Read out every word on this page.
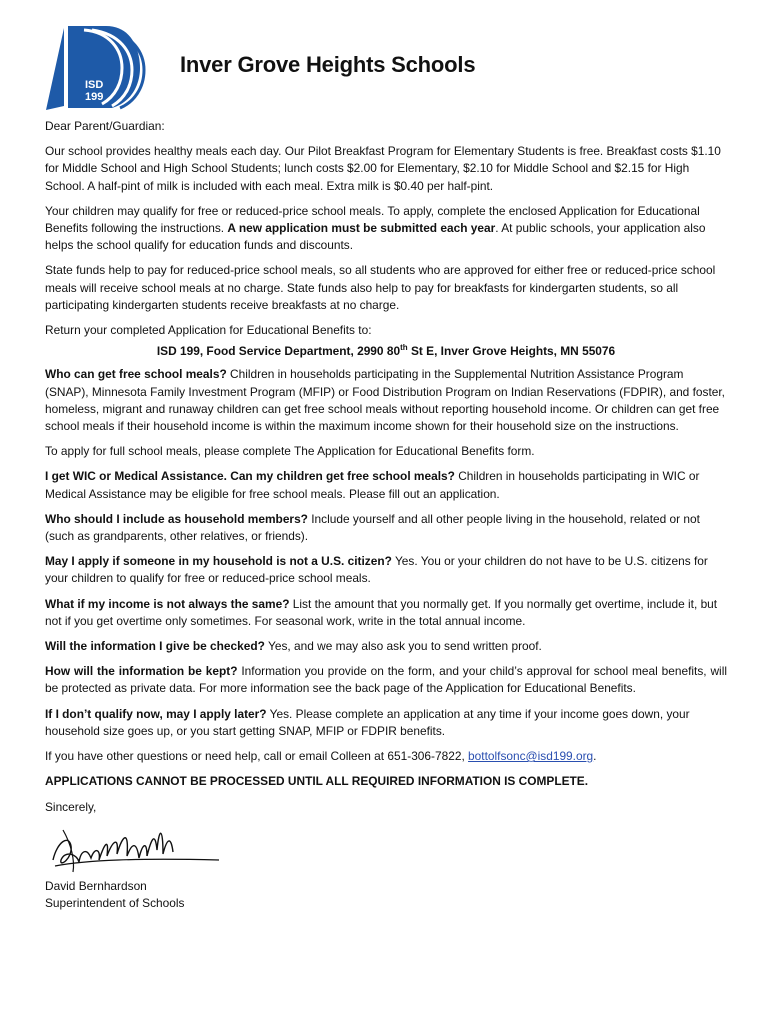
ISD
199
Inver Grove Heights Schools

Dear Parent/Guardian:

Our school provides healthy meals each day. Our Pilot Breakfast Program for Elementary Students is free. Breakfast costs $1.10 for Middle School and High School Students; lunch costs $2.00 for Elementary, $2.10 for Middle School and $2.15 for High School. A half-pint of milk is included with each meal. Extra milk is $0.40 per half-pint.

Your children may qualify for free or reduced-price school meals. To apply, complete the enclosed Application for Educational Benefits following the instructions. A new application must be submitted each year. At public schools, your application also helps the school qualify for education funds and discounts.

State funds help to pay for reduced-price school meals, so all students who are approved for either free or reduced-price school meals will receive school meals at no charge. State funds also help to pay for breakfasts for kindergarten students, so all participating kindergarten students receive breakfasts at no charge.

Return your completed Application for Educational Benefits to:

ISD 199, Food Service Department, 2990 80th St E, Inver Grove Heights, MN 55076

Who can get free school meals? Children in households participating in the Supplemental Nutrition Assistance Program (SNAP), Minnesota Family Investment Program (MFIP) or Food Distribution Program on Indian Reservations (FDPIR), and foster, homeless, migrant and runaway children can get free school meals without reporting household income. Or children can get free school meals if their household income is within the maximum income shown for their household size on the instructions.

To apply for full school meals, please complete The Application for Educational Benefits form.

I get WIC or Medical Assistance. Can my children get free school meals? Children in households participating in WIC or Medical Assistance may be eligible for free school meals. Please fill out an application.

Who should I include as household members? Include yourself and all other people living in the household, related or not (such as grandparents, other relatives, or friends).

May I apply if someone in my household is not a U.S. citizen? Yes. You or your children do not have to be U.S. citizens for your children to qualify for free or reduced-price school meals.

What if my income is not always the same? List the amount that you normally get. If you normally get overtime, include it, but not if you get overtime only sometimes. For seasonal work, write in the total annual income.

Will the information I give be checked? Yes, and we may also ask you to send written proof.

How will the information be kept? Information you provide on the form, and your child’s approval for school meal benefits, will be protected as private data. For more information see the back page of the Application for Educational Benefits.

If I don’t qualify now, may I apply later? Yes. Please complete an application at any time if your income goes down, your household size goes up, or you start getting SNAP, MFIP or FDPIR benefits.

If you have other questions or need help, call or email Colleen at 651-306-7822, bottolfsonc@isd199.org.

APPLICATIONS CANNOT BE PROCESSED UNTIL ALL REQUIRED INFORMATION IS COMPLETE.

Sincerely,

David Bernhardson

Superintendent of Schools
